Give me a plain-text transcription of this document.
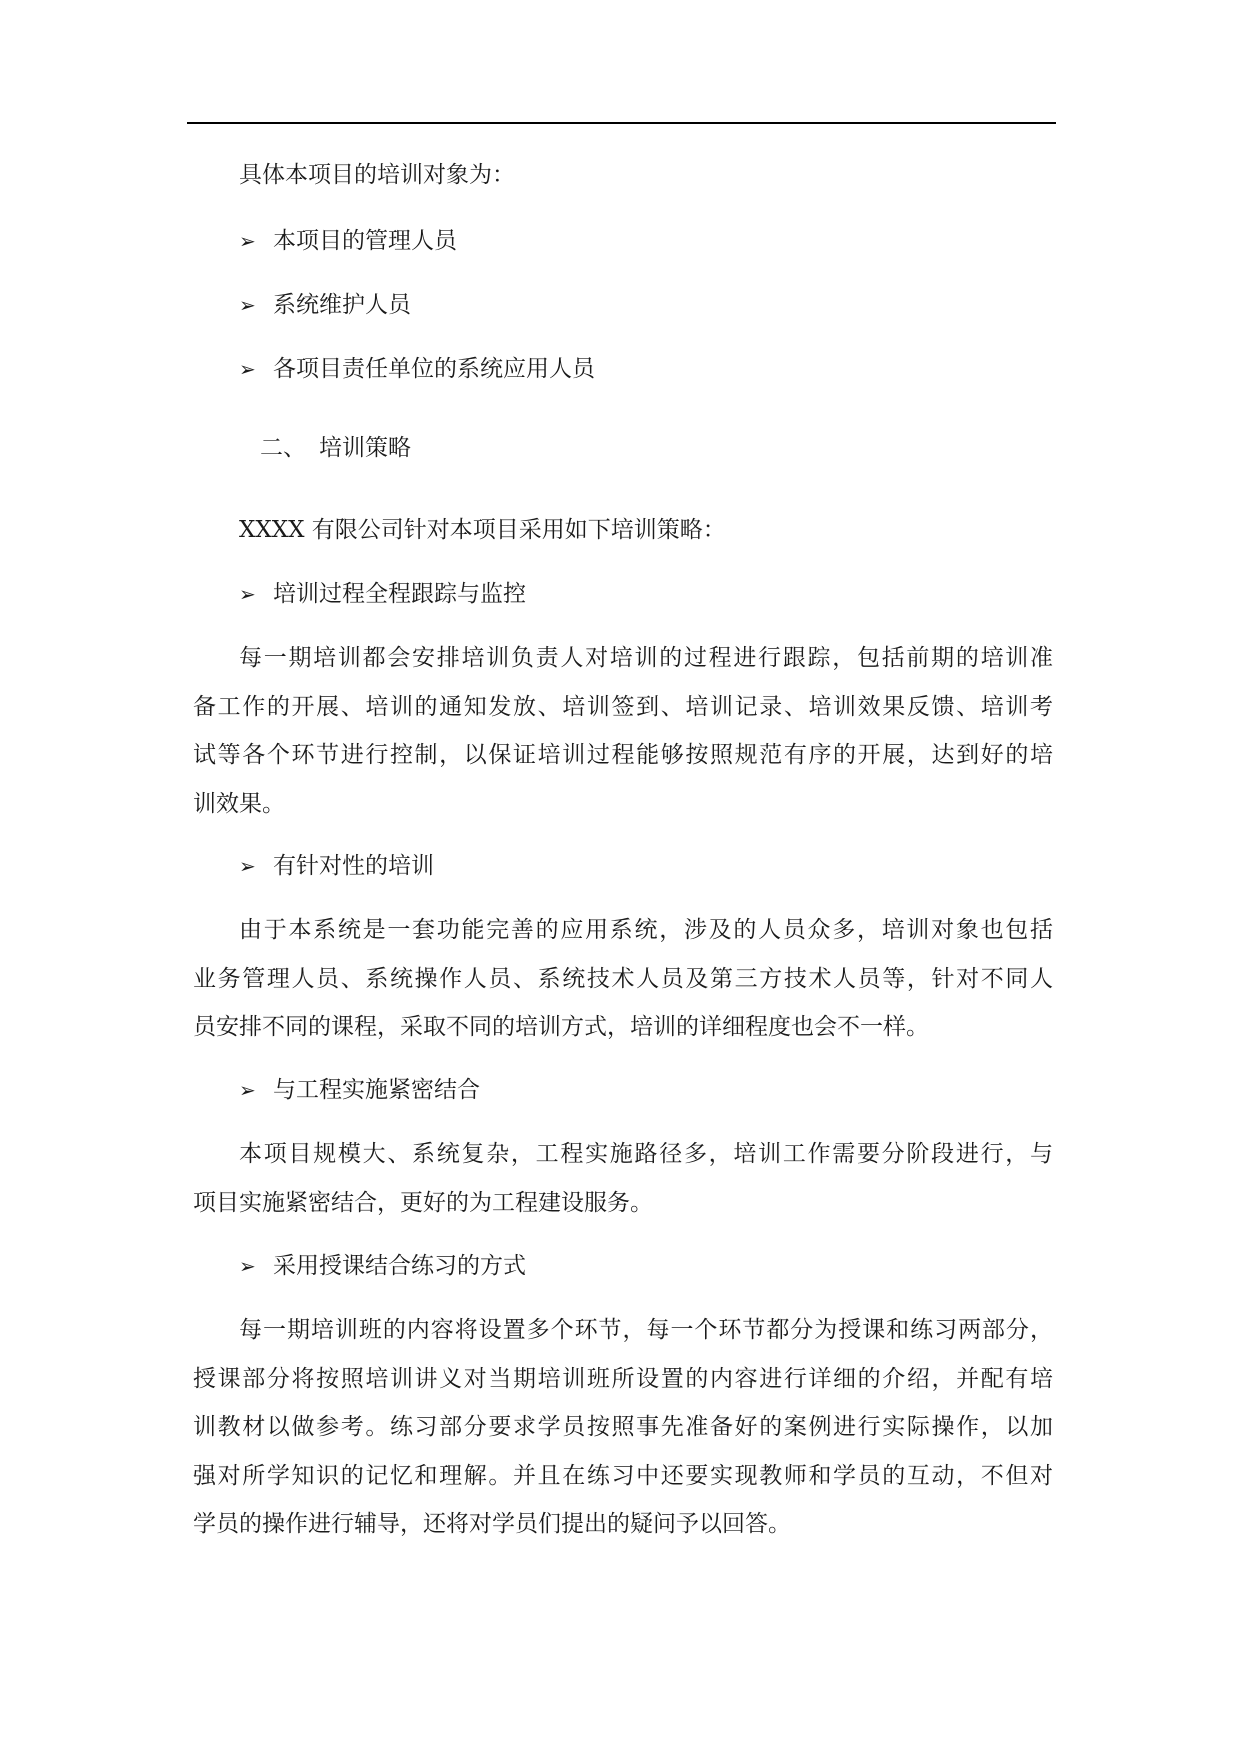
具体本项目的培训对象为：
➢ 本项目的管理人员
➢ 系统维护人员
➢ 各项目责任单位的系统应用人员
二、 培训策略
XXXX 有限公司针对本项目采用如下培训策略：
➢ 培训过程全程跟踪与监控
每一期培训都会安排培训负责人对培训的过程进行跟踪，包括前期的培训准
备工作的开展、培训的通知发放、培训签到、培训记录、培训效果反馈、培训考
试等各个环节进行控制，以保证培训过程能够按照规范有序的开展，达到好的培
训效果。
➢ 有针对性的培训
由于本系统是一套功能完善的应用系统，涉及的人员众多，培训对象也包括
业务管理人员、系统操作人员、系统技术人员及第三方技术人员等，针对不同人
员安排不同的课程，采取不同的培训方式，培训的详细程度也会不一样。
➢ 与工程实施紧密结合
本项目规模大、系统复杂，工程实施路径多，培训工作需要分阶段进行，与
项目实施紧密结合，更好的为工程建设服务。
➢ 采用授课结合练习的方式
每一期培训班的内容将设置多个环节，每一个环节都分为授课和练习两部分，
授课部分将按照培训讲义对当期培训班所设置的内容进行详细的介绍，并配有培
训教材以做参考。练习部分要求学员按照事先准备好的案例进行实际操作，以加
强对所学知识的记忆和理解。并且在练习中还要实现教师和学员的互动，不但对
学员的操作进行辅导，还将对学员们提出的疑问予以回答。
